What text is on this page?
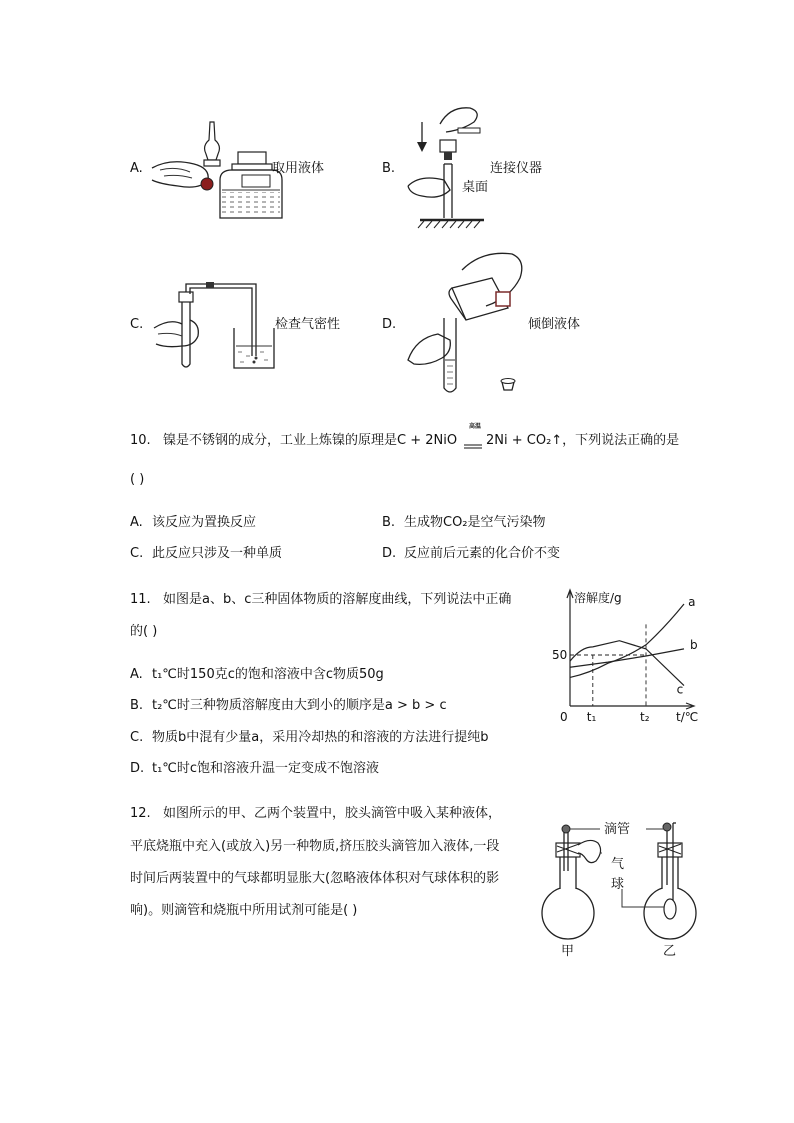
A.	取用液体	B.	连接仪器
桌面
C.	检查气密性	D.	倾倒液体
10. 镍是不锈钢的成分，工业上炼镍的原理是C + 2NiO
高温
2Ni + CO₂↑，下列说法正确的是
( )
A. 该反应为置换反应	B. 生成物CO₂是空气污染物
C. 此反应只涉及一种单质	D. 反应前后元素的化合价不变
11. 如图是a、b、c三种固体物质的溶解度曲线，下列说法中正确
的( )
A. t₁℃时150克c的饱和溶液中含c物质50g
B. t₂℃时三种物质溶解度由大到小的顺序是a > b > c
C. 物质b中混有少量a，采用冷却热的和溶液的方法进行提纯b
D. t₁℃时c饱和溶液升温一定变成不饱溶液
a
b
c
溶解度/g
t/℃
0 t₁	t₂
50
12. 如图所示的甲、乙两个装置中，胶头滴管中吸入某种液体，
平底烧瓶中充入(或放入)另一种物质,挤压胶头滴管加入液体,一段
时间后两装置中的气球都明显胀大(忽略液体体积对气球体积的影
响)。则滴管和烧瓶中所用试剂可能是( )
滴管
气
球
甲	乙
